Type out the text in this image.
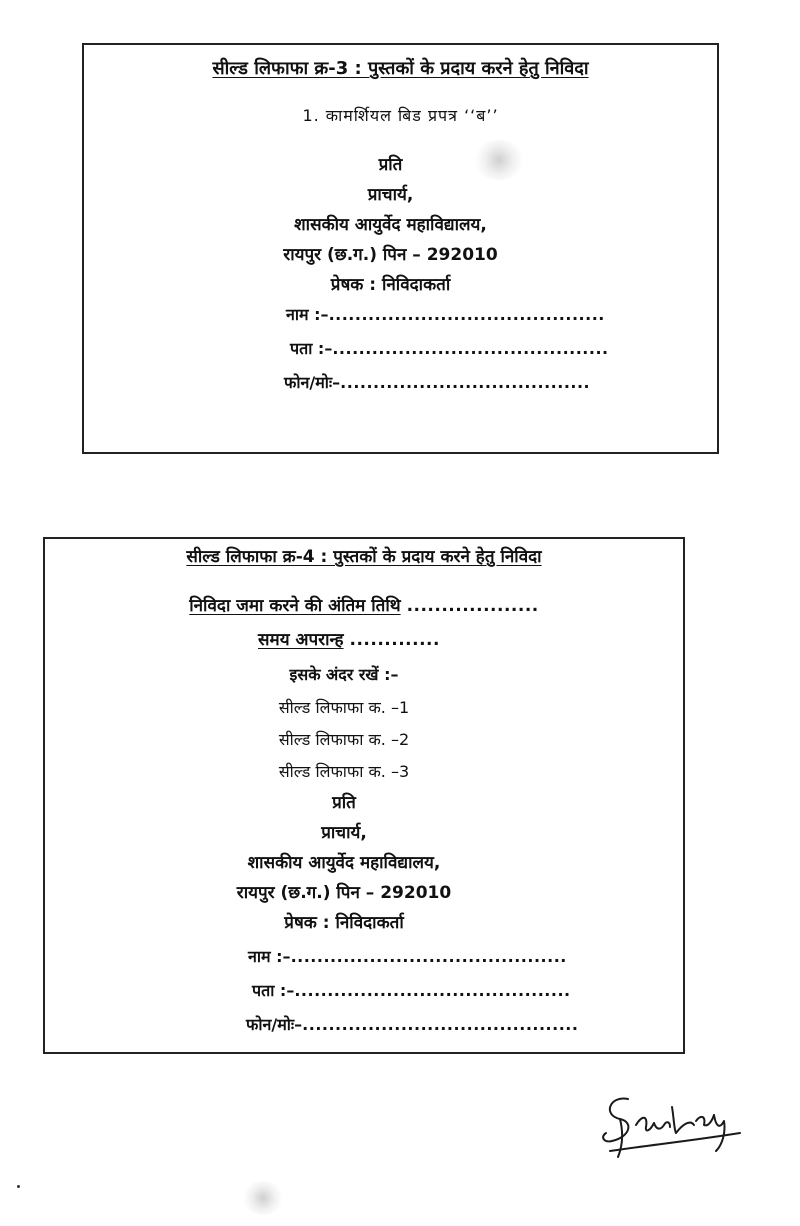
सील्ड लिफाफा क्र-3 : पुस्तकों के प्रदाय करने हेतु निविदा
1. कामर्शियल बिड प्रपत्र ‘‘ब’’
प्रति
प्राचार्य,
शासकीय आयुर्वेद महाविद्यालय,
रायपुर (छ.ग.) पिन – 292010
प्रेषक : निविदाकर्ता
नाम :–..........................................
पता :–..........................................
फोन/मोः–......................................
सील्ड लिफाफा क्र-4 : पुस्तकों के प्रदाय करने हेतु निविदा
निविदा जमा करने की अंतिम तिथि ...................
समय अपरान्ह .............
इसके अंदर रखें :–
सील्ड लिफाफा क. –1
सील्ड लिफाफा क. –2
सील्ड लिफाफा क. –3
प्रति
प्राचार्य,
शासकीय आयुर्वेद महाविद्यालय,
रायपुर (छ.ग.) पिन – 292010
प्रेषक : निविदाकर्ता
नाम :–..........................................
पता :–..........................................
फोन/मोः–..........................................
